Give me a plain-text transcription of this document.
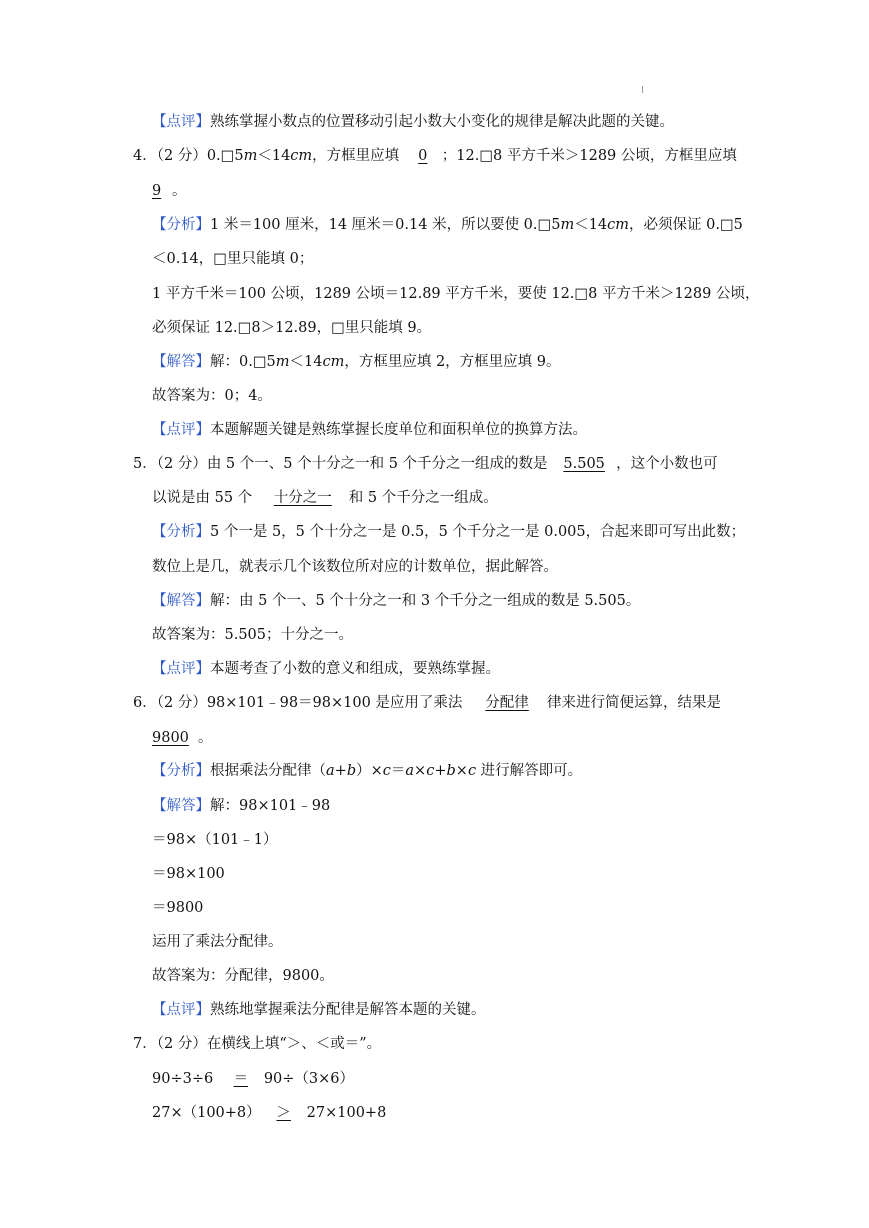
【点评】熟练掌握小数点的位置移动引起小数大小变化的规律是解决此题的关键。
4．（2 分）0.□5m＜14cm，方框里应填 0 ；12.□8 平方千米＞1289 公顷，方框里应填
9 。
【分析】1 米＝100 厘米，14 厘米＝0.14 米，所以要使 0.□5m＜14cm，必须保证 0.□5
＜0.14，□里只能填 0；
1 平方千米＝100 公顷，1289 公顷＝12.89 平方千米，要使 12.□8 平方千米＞1289 公顷，
必须保证 12.□8＞12.89，□里只能填 9。
【解答】解：0.□5m＜14cm，方框里应填 2，方框里应填 9。
故答案为：0；4。
【点评】本题解题关键是熟练掌握长度单位和面积单位的换算方法。
5．（2 分）由 5 个一、5 个十分之一和 5 个千分之一组成的数是 5.505 ，这个小数也可
以说是由 55 个 十分之一 和 5 个千分之一组成。
【分析】5 个一是 5，5 个十分之一是 0.5，5 个千分之一是 0.005，合起来即可写出此数；
数位上是几，就表示几个该数位所对应的计数单位，据此解答。
【解答】解：由 5 个一、5 个十分之一和 3 个千分之一组成的数是 5.505。
故答案为：5.505；十分之一。
【点评】本题考查了小数的意义和组成，要熟练掌握。
6．（2 分）98×101﹣98＝98×100 是应用了乘法 分配律 律来进行简便运算，结果是
9800 。
【分析】根据乘法分配律（a+b）×c＝a×c+b×c 进行解答即可。
【解答】解：98×101﹣98
＝98×（101﹣1）
＝98×100
＝9800
运用了乘法分配律。
故答案为：分配律，9800。
【点评】熟练地掌握乘法分配律是解答本题的关键。
7．（2 分）在横线上填“＞、＜或＝”。
90÷3÷6 ＝ 90÷（3×6）
27×（100+8） ＞ 27×100+8
